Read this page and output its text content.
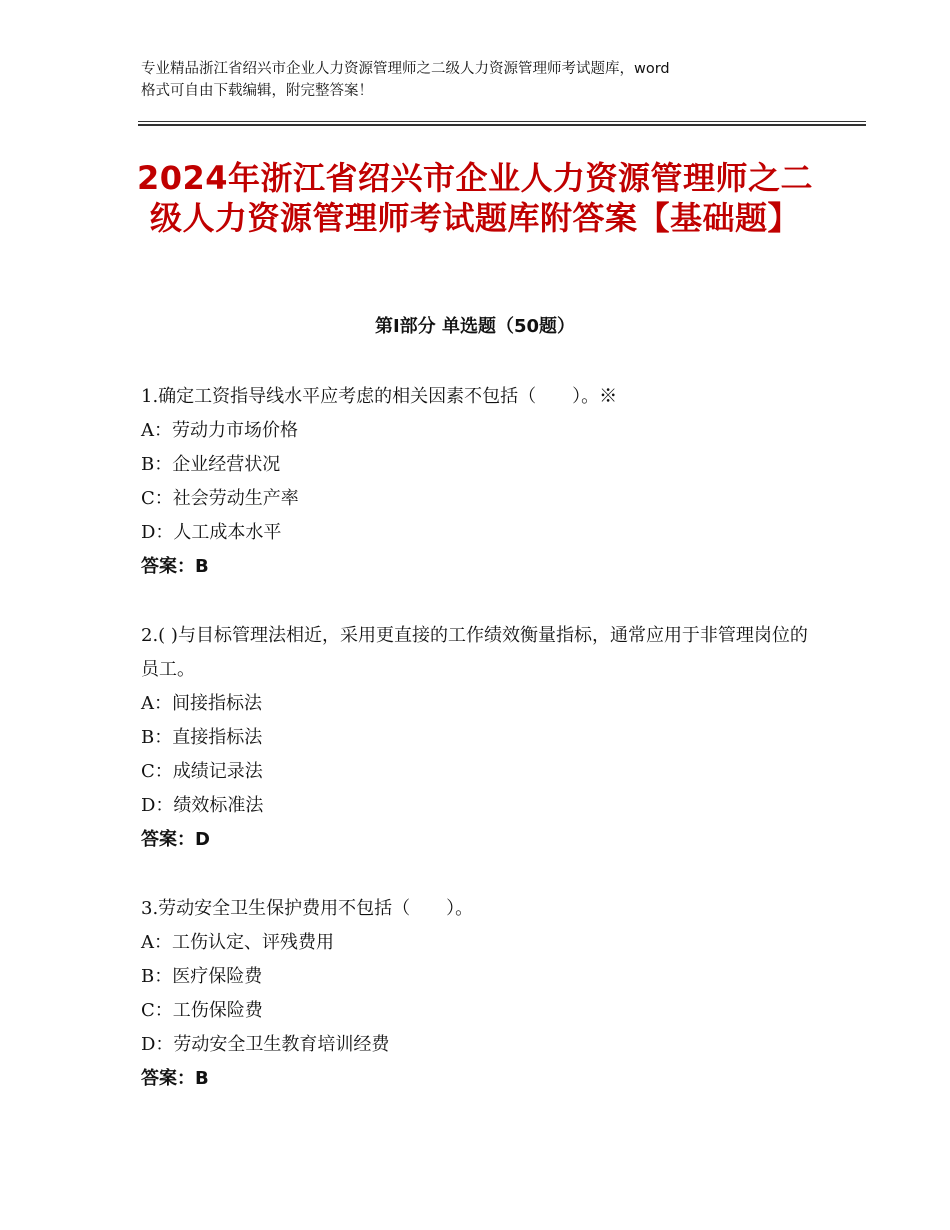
专业精品浙江省绍兴市企业人力资源管理师之二级人力资源管理师考试题库，word
格式可自由下载编辑，附完整答案！
2024年浙江省绍兴市企业人力资源管理师之二级人力资源管理师考试题库附答案【基础题】
第Ⅰ部分 单选题（50题）

1.确定工资指导线水平应考虑的相关因素不包括（　　）。※

A：劳动力市场价格

B：企业经营状况

C：社会劳动生产率

D：人工成本水平

答案：B

2.( )与目标管理法相近，采用更直接的工作绩效衡量指标，通常应用于非管理岗位的员工。

A：间接指标法

B：直接指标法

C：成绩记录法

D：绩效标准法

答案：D

3.劳动安全卫生保护费用不包括（　　）。

A：工伤认定、评残费用

B：医疗保险费

C：工伤保险费

D：劳动安全卫生教育培训经费

答案：B
